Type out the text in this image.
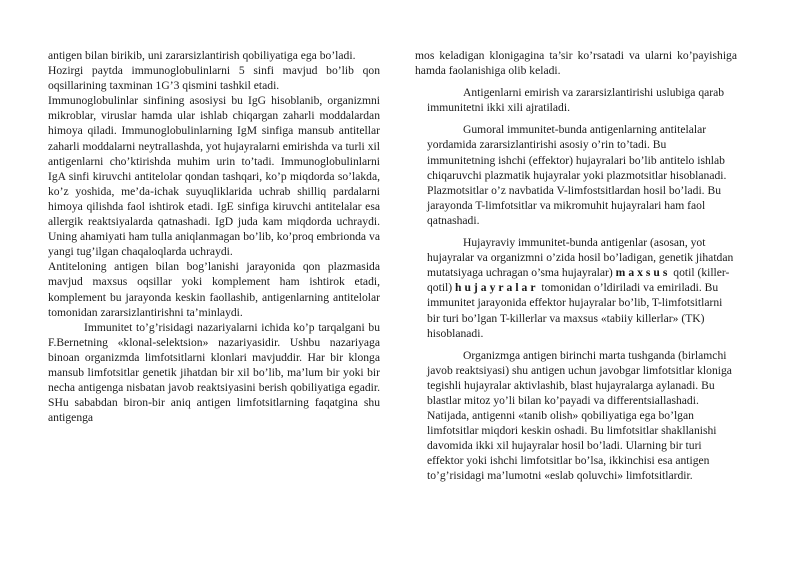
antigen bilan birikib, uni zararsizlantirish qobiliyatiga ega bo’ladi.

Hozirgi paytda immunoglobulinlarni 5 sinfi mavjud bo’lib qon oqsillarining taxminan 1G’3 qismini tashkil etadi.

Immunoglobulinlar sinfining asosiysi bu IgG hisoblanib, organizmni mikroblar, viruslar hamda ular ishlab chiqargan zaharli moddalardan himoya qiladi. Immunoglobulinlarning IgM sinfiga mansub antitellar zaharli moddalarni neytrallashda, yot hujayralarni emirishda va turli xil antigenlarni cho’ktirishda muhim urin to’tadi. Immunoglobulinlarni IgA sinfi kiruvchi antitelolar qondan tashqari, ko’p miqdorda so’lakda, ko’z yoshida, me’da-ichak suyuqliklarida uchrab shilliq pardalarni himoya qilishda faol ishtirok etadi. IgE sinfiga kiruvchi antitelalar esa allergik reaktsiyalarda qatnashadi. IgD juda kam miqdorda uchraydi. Uning ahamiyati ham tulla aniqlanmagan bo’lib, ko’proq embrionda va yangi tug’ilgan chaqaloqlarda uchraydi.

Antiteloning antigen bilan bog’lanishi jarayonida qon plazmasida mavjud maxsus oqsillar yoki komplement ham ishtirok etadi, komplement bu jarayonda keskin faollashib, antigenlarning antitelolar tomonidan zararsizlantirishni ta’minlaydi.

Immunitet to’g’risidagi nazariyalarni ichida ko’p tarqalgani bu F.Bernetning «klonal-selektsion» nazariyasidir. Ushbu nazariyaga binoan organizmda limfotsitlarni klonlari mavjuddir. Har bir klonga mansub limfotsitlar genetik jihatdan bir xil bo’lib, ma’lum bir yoki bir necha antigenga nisbatan javob reaktsiyasini berish qobiliyatiga egadir. SHu sababdan biron-bir aniq antigen limfotsitlarning faqatgina shu antigenga

mos keladigan klonigagina ta’sir ko’rsatadi va ularni ko’payishiga hamda faolanishiga olib keladi.

Antigenlarni emirish va zararsizlantirishi uslubiga qarab immunitetni ikki xili ajratiladi.

Gumoral immunitet-bunda antigenlarning antitelalar yordamida zararsizlantirishi asosiy o’rin to’tadi. Bu immunitetning ishchi (effektor) hujayralari bo’lib antitelo ishlab chiqaruvchi plazmatik hujayralar yoki plazmotsitlar hisoblanadi. Plazmotsitlar o’z navbatida V-limfostsitlardan hosil bo’ladi. Bu jarayonda T-limfotsitlar va mikromuhit hujayralari ham faol qatnashadi.

Hujayraviy immunitet-bunda antigenlar (asosan, yot hujayralar va organizmni o’zida hosil bo’ladigan, genetik jihatdan mutatsiyaga uchragan o’sma hujayralar) maxsus qotil (killer- qotil) hujayralar tomonidan o’ldiriladi va emiriladi. Bu immunitet jarayonida effektor hujayralar bo’lib, T-limfotsitlarni bir turi bo’lgan T-killerlar va maxsus «tabiiy killerlar» (TK) hisoblanadi.

Organizmga antigen birinchi marta tushganda (birlamchi javob reaktsiyasi) shu antigen uchun javobgar limfotsitlar kloniga tegishli hujayralar aktivlashib, blast hujayralarga aylanadi. Bu blastlar mitoz yo’li bilan ko’payadi va differentsiallashadi. Natijada, antigenni «tanib olish» qobiliyatiga ega bo’lgan limfotsitlar miqdori keskin oshadi. Bu limfotsitlar shakllanishi davomida ikki xil hujayralar hosil bo’ladi. Ularning bir turi effektor yoki ishchi limfotsitlar bo’lsa, ikkinchisi esa antigen to’g’risidagi ma’lumotni «eslab qoluvchi» limfotsitlardir.
